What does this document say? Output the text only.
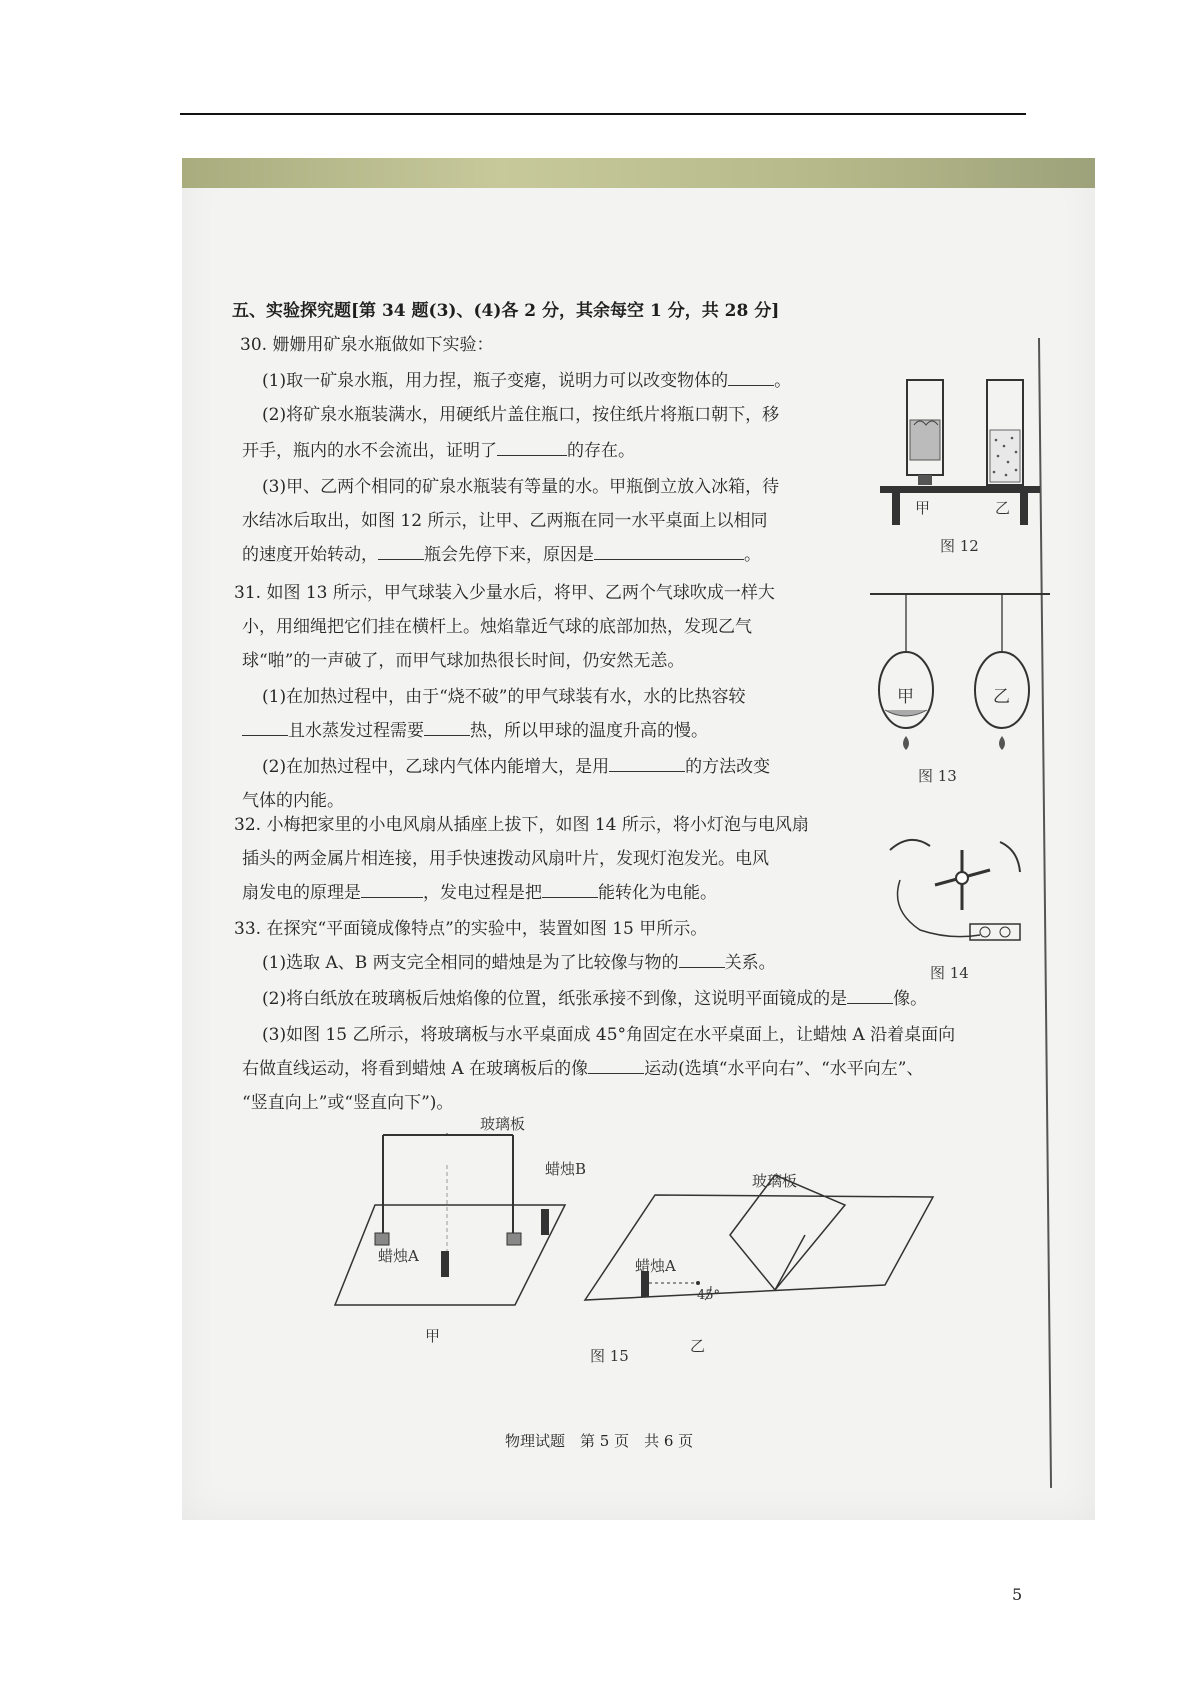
五、实验探究题[第 34 题(3)、(4)各 2 分，其余每空 1 分，共 28 分]
30. 姗姗用矿泉水瓶做如下实验：
(1)取一矿泉水瓶，用力捏，瓶子变瘪，说明力可以改变物体的	。
(2)将矿泉水瓶装满水，用硬纸片盖住瓶口，按住纸片将瓶口朝下，移
开手，瓶内的水不会流出，证明了	的存在。
(3)甲、乙两个相同的矿泉水瓶装有等量的水。甲瓶倒立放入冰箱，待
水结冰后取出，如图 12 所示，让甲、乙两瓶在同一水平桌面上以相同
的速度开始转动，	瓶会先停下来，原因是	。
甲	乙
图 12
31. 如图 13 所示，甲气球装入少量水后，将甲、乙两个气球吹成一样大
小，用细绳把它们挂在横杆上。烛焰靠近气球的底部加热，发现乙气
球“啪”的一声破了，而甲气球加热很长时间，仍安然无恙。
(1)在加热过程中，由于“烧不破”的甲气球装有水，水的比热容较
且水蒸发过程需要	热，所以甲球的温度升高的慢。
(2)在加热过程中，乙球内气体内能增大，是用	的方法改变
气体的内能。
甲	乙
图 13
32. 小梅把家里的小电风扇从插座上拔下，如图 14 所示，将小灯泡与电风扇
插头的两金属片相连接，用手快速拨动风扇叶片，发现灯泡发光。电风
扇发电的原理是	，发电过程是把	能转化为电能。
图 14
33. 在探究“平面镜成像特点”的实验中，装置如图 15 甲所示。
(1)选取 A、B 两支完全相同的蜡烛是为了比较像与物的	关系。
(2)将白纸放在玻璃板后烛焰像的位置，纸张承接不到像，这说明平面镜成的是	像。
(3)如图 15 乙所示，将玻璃板与水平桌面成 45°角固定在水平桌面上，让蜡烛 A 沿着桌面向
右做直线运动，将看到蜡烛 A 在玻璃板后的像	运动(选填“水平向右”、“水平向左”、
“竖直向上”或“竖直向下”)。
玻璃板
蜡烛B
蜡烛A
甲
玻璃板
蜡烛A
45°
乙
图 15
物理试题　第 5 页　共 6 页
5
